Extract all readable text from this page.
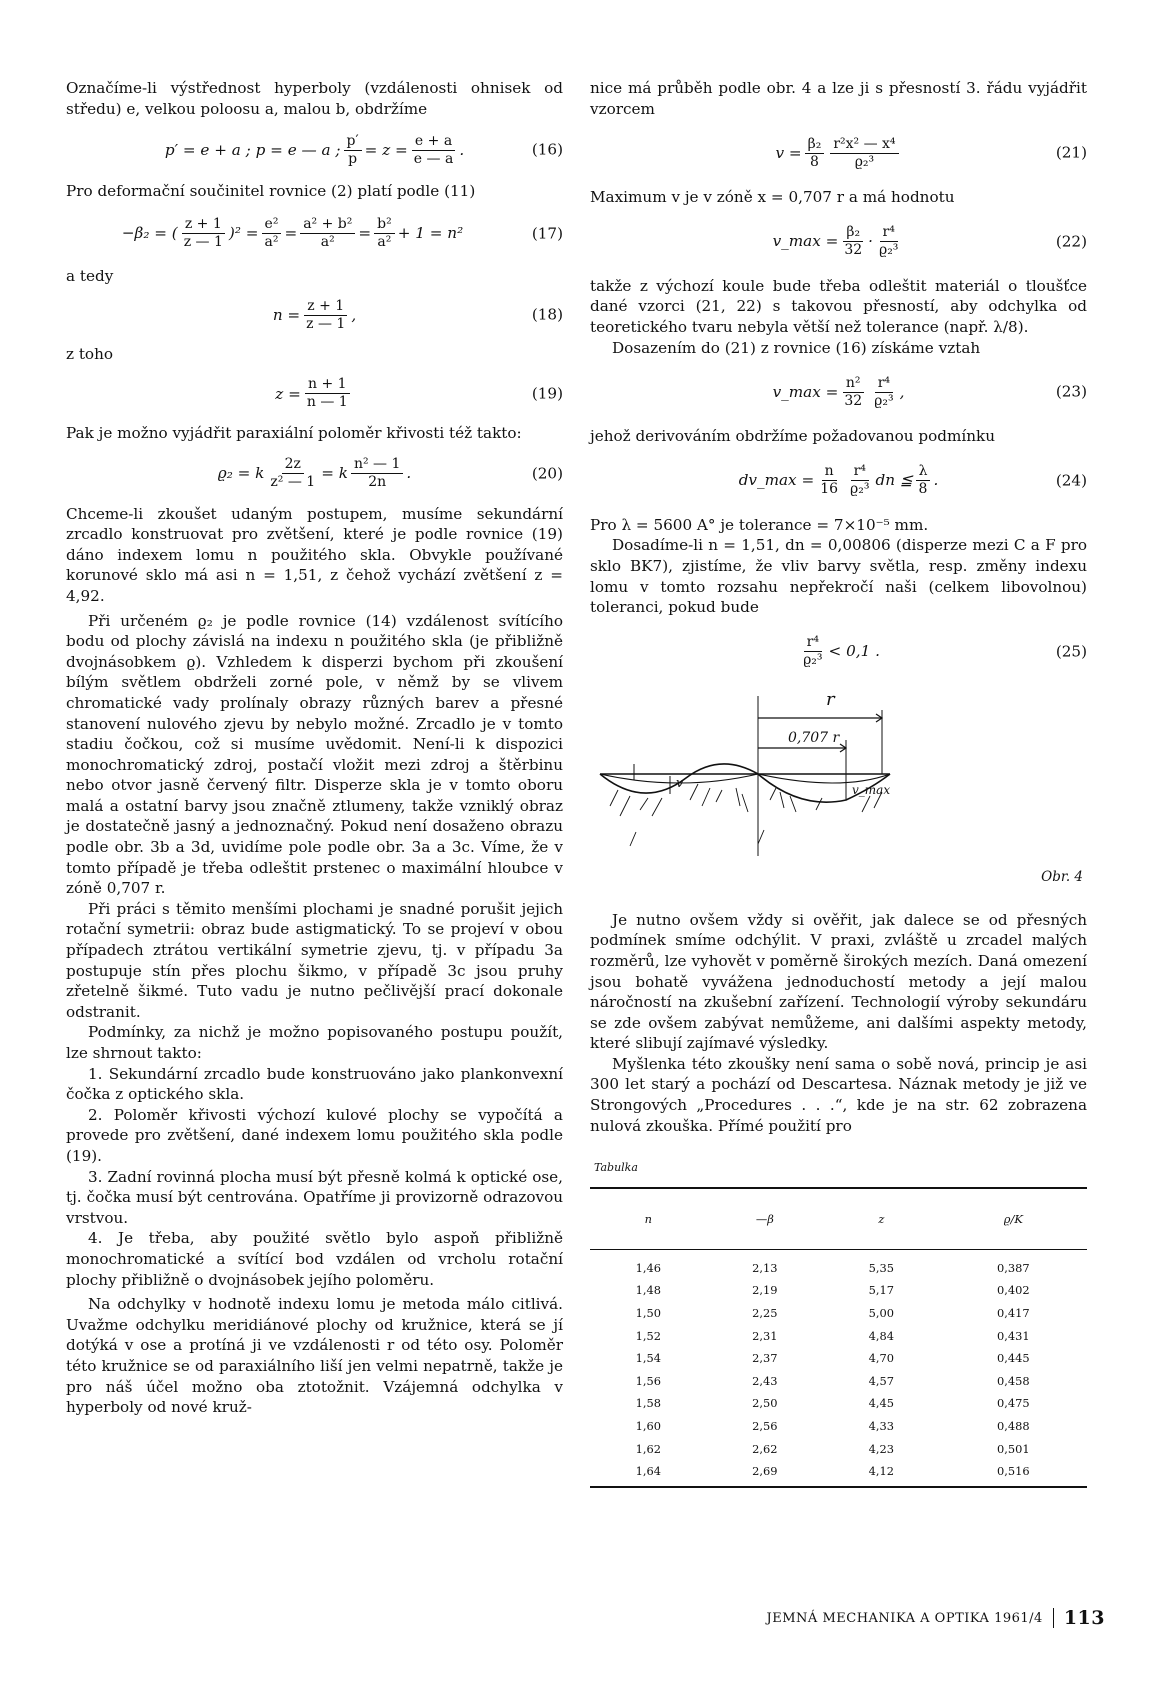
Označíme-li výstřednost hyperboly (vzdálenosti ohnisek od středu) e, velkou poloosu a, malou b, obdržíme

p′ = e + a ; p = e — a ; $\frac{p'}{p} = z = \frac{e + a}{e — a}$ .	(16)

Pro deformační součinitel rovnice (2) platí podle (11)

−β₂ = ( $\frac{z + 1}{z — 1} )^2 = \frac{\text{e²}}{\text{a²}} = \frac{\text{a² + b²}}{\text{a²}} = \frac{\text{b²}}{\text{a²}} + 1 = n^2$	(17)

a tedy

$n = \frac{z + 1}{z — 1}$ ,	(18)

z toho

$z = \frac{n + 1}{n — 1}$	(19)

Pak je možno vyjádřit paraxiální poloměr křivosti též takto:

ϱ₂ = k $\frac{2z}{\text{z² — 1}} = k \frac{\text{n² — 1}}{2n}$ .	(20)

Chceme-li zkoušet udaným postupem, musíme sekundární zrcadlo konstruovat pro zvětšení, které je podle rovnice (19) dáno indexem lomu n použitého skla. Obvykle používané korunové sklo má asi n = 1,51, z čehož vychází zvětšení z = 4,92.

Při určeném ϱ₂ je podle rovnice (14) vzdálenost svítícího bodu od plochy závislá na indexu n použitého skla (je přibližně dvojnásobkem ϱ). Vzhledem k disperzi bychom při zkoušení bílým světlem obdrželi zorné pole, v němž by se vlivem chromatické vady prolínaly obrazy různých barev a přesné stanovení nulového zjevu by nebylo možné. Zrcadlo je v tomto stadiu čočkou, což si musíme uvědomit. Není-li k dispozici monochromatický zdroj, postačí vložit mezi zdroj a štěrbinu nebo otvor jasně červený filtr. Disperze skla je v tomto oboru malá a ostatní barvy jsou značně ztlumeny, takže vzniklý obraz je dostatečně jasný a jednoznačný. Pokud není dosaženo obrazu podle obr. 3b a 3d, uvidíme pole podle obr. 3a a 3c. Víme, že v tomto případě je třeba odleštit prstenec o maximální hloubce v zóně 0,707 r.

Při práci s těmito menšími plochami je snadné porušit jejich rotační symetrii: obraz bude astigmatický. To se projeví v obou případech ztrátou vertikální symetrie zjevu, tj. v případu 3a postupuje stín přes plochu šikmo, v případě 3c jsou pruhy zřetelně šikmé. Tuto vadu je nutno pečlivější prací dokonale odstranit.

Podmínky, za nichž je možno popisovaného postupu použít, lze shrnout takto:

1. Sekundární zrcadlo bude konstruováno jako plankonvexní čočka z optického skla.

2. Poloměr křivosti výchozí kulové plochy se vypočítá a provede pro zvětšení, dané indexem lomu použitého skla podle (19).

3. Zadní rovinná plocha musí být přesně kolmá k optické ose, tj. čočka musí být centrována. Opatříme ji provizorně odrazovou vrstvou.

4. Je třeba, aby použité světlo bylo aspoň přibližně monochromatické a svítící bod vzdálen od vrcholu rotační plochy přibližně o dvojnásobek jejího poloměru.

Na odchylky v hodnotě indexu lomu je metoda málo citlivá. Uvažme odchylku meridiánové plochy od kružnice, která se jí dotýká v ose a protíná ji ve vzdálenosti r od této osy. Poloměr této kružnice se od paraxiálního liší jen velmi nepatrně, takže je pro náš účel možno oba ztotožnit. Vzájemná odchylka v hyperboly od nové kruž-

nice má průběh podle obr. 4 a lze ji s přesností 3. řádu vyjádřit vzorcem

$v = \frac{\text{β₂}}{8} \frac{\text{r²x² — x⁴}}{\text{ϱ₂³}}$	(21)

Maximum v je v zóně x = 0,707 r a má hodnotu

v_max = $\frac{\text{β₂}}{32} \cdot \frac{\text{r⁴}}{\text{ϱ₂³}}$	(22)

takže z výchozí koule bude třeba odleštit materiál o tloušťce dané vzorci (21, 22) s takovou přesností, aby odchylka od teoretického tvaru nebyla větší než tolerance (např. λ/8).

Dosazením do (21) z rovnice (16) získáme vztah

v_max = $\frac{\text{n²}}{32} \frac{\text{r⁴}}{\text{ϱ₂³}}$ ,	(23)

jehož derivováním obdržíme požadovanou podmínku

dv_max = $\frac{n}{16} \frac{\text{r⁴}}{\text{ϱ₂³}}$ dn ≦ $\frac{\lambda}{8}$ .	(24)

Pro λ = 5600 A° je tolerance = 7×10⁻⁵ mm.

Dosadíme-li n = 1,51, dn = 0,00806 (disperze mezi C a F pro sklo BK7), zjistíme, že vliv barvy světla, resp. změny indexu lomu v tomto rozsahu nepřekročí naši (celkem libovolnou) toleranci, pokud bude

$\frac{\text{r⁴}}{\text{ϱ₂³}} < 0,1$ .	(25)
r
0,707 r
v	v_max
Obr. 4

Je nutno ovšem vždy si ověřit, jak dalece se od přesných podmínek smíme odchýlit. V praxi, zvláště u zrcadel malých rozměrů, lze vyhovět v poměrně širokých mezích. Daná omezení jsou bohatě vyvážena jednoduchostí metody a její malou náročností na zkušební zařízení. Technologií výroby sekundáru se zde ovšem zabývat nemůžeme, ani dalšími aspekty metody, které slibují zajímavé výsledky.

Myšlenka této zkoušky není sama o sobě nová, princip je asi 300 let starý a pochází od Descartesa. Náznak metody je již ve Strongových „Procedures . . .“, kde je na str. 62 zobrazena nulová zkouška. Přímé použití pro

Tabulka
n	—β	z	ϱ/K
1,46	2,13	5,35	0,387
1,48	2,19	5,17	0,402
1,50	2,25	5,00	0,417
1,52	2,31	4,84	0,431
1,54	2,37	4,70	0,445
1,56	2,43	4,57	0,458
1,58	2,50	4,45	0,475
1,60	2,56	4,33	0,488
1,62	2,62	4,23	0,501
1,64	2,69	4,12	0,516
JEMNÁ MECHANIKA A OPTIKA 1961/4	113
